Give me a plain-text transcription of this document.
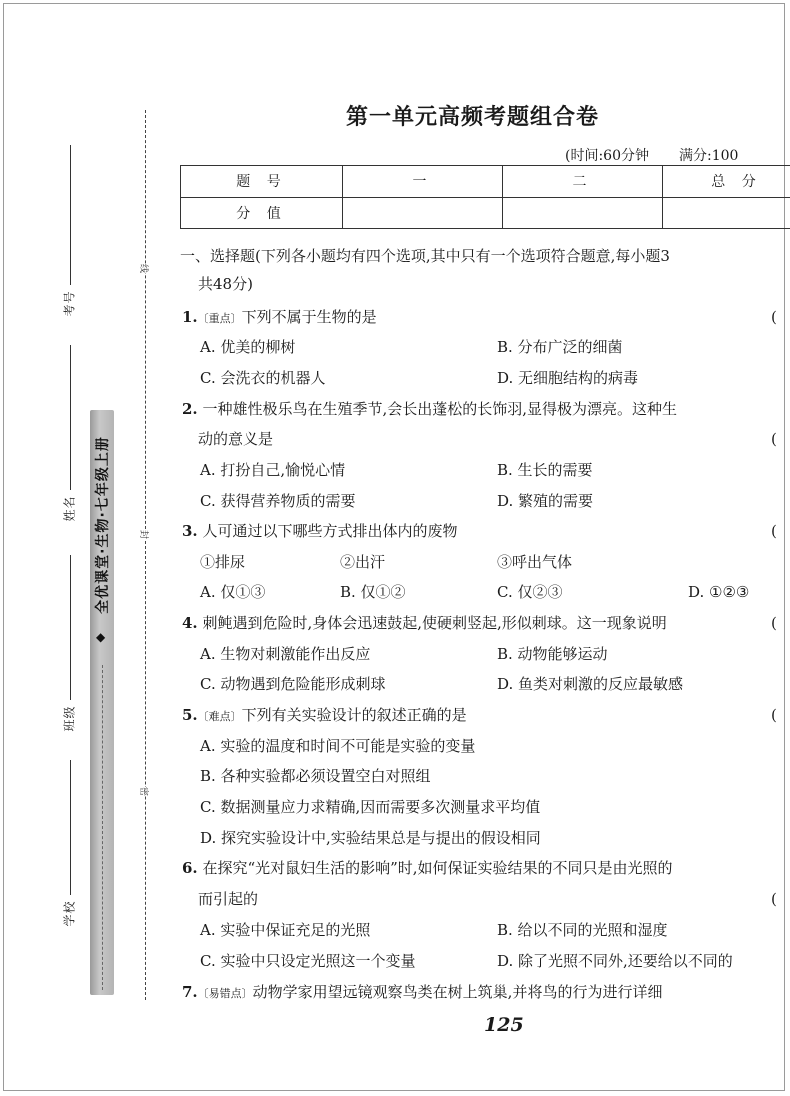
考号
姓名
班级
学校
线
封
密
全优课堂·生物·七年级上册
◆
第一单元高频考题组合卷
(时间:60分钟 满分:100
题 号	一	二	总 分
分 值			
一、选择题(下列各小题均有四个选项,其中只有一个选项符合题意,每小题3
共48分)
1.〔重点〕下列不属于生物的是	(
A. 优美的柳树	B. 分布广泛的细菌
C. 会洗衣的机器人	D. 无细胞结构的病毒
2. 一种雄性极乐鸟在生殖季节,会长出蓬松的长饰羽,显得极为漂亮。这种生
动的意义是	(
A. 打扮自己,愉悦心情	B. 生长的需要
C. 获得营养物质的需要	D. 繁殖的需要
3. 人可通过以下哪些方式排出体内的废物	(
①排尿	②出汗	③呼出气体
A. 仅①③	B. 仅①②	C. 仅②③	D. ①②③
4. 刺鲀遇到危险时,身体会迅速鼓起,使硬刺竖起,形似刺球。这一现象说明	(
A. 生物对刺激能作出反应	B. 动物能够运动
C. 动物遇到危险能形成刺球	D. 鱼类对刺激的反应最敏感
5.〔难点〕下列有关实验设计的叙述正确的是	(
A. 实验的温度和时间不可能是实验的变量
B. 各种实验都必须设置空白对照组
C. 数据测量应力求精确,因而需要多次测量求平均值
D. 探究实验设计中,实验结果总是与提出的假设相同
6. 在探究“光对鼠妇生活的影响”时,如何保证实验结果的不同只是由光照的
而引起的	(
A. 实验中保证充足的光照	B. 给以不同的光照和湿度
C. 实验中只设定光照这一个变量	D. 除了光照不同外,还要给以不同的
7.〔易错点〕动物学家用望远镜观察鸟类在树上筑巢,并将鸟的行为进行详细
125
